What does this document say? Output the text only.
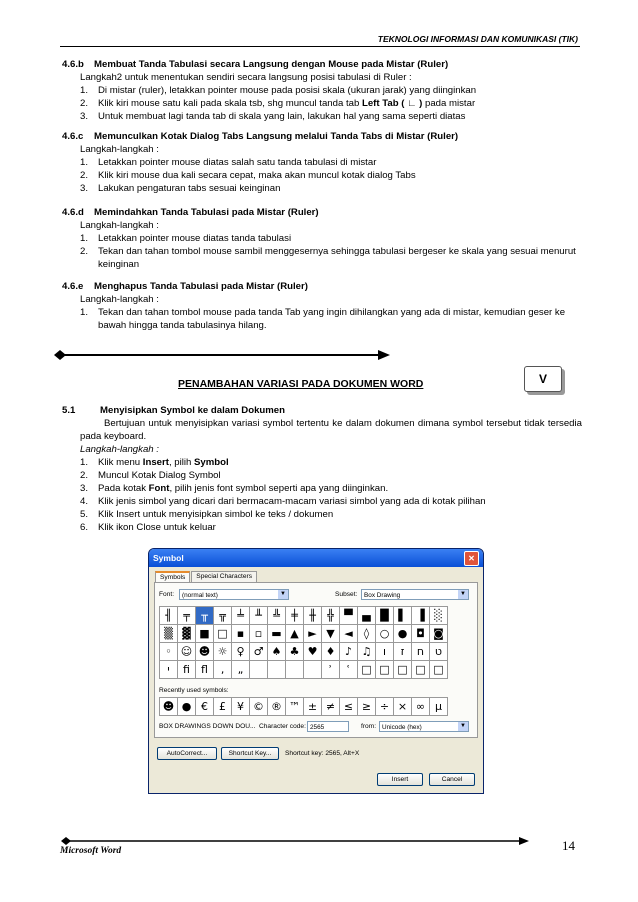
TEKNOLOGI INFORMASI DAN KOMUNIKASI (TIK)
4.6.b	Membuat Tanda Tabulasi secara Langsung dengan Mouse pada Mistar (Ruler)
Langkah2 untuk menentukan sendiri secara langsung posisi tabulasi di Ruler :
1.	Di mistar (ruler), letakkan pointer mouse pada posisi skala (ukuran jarak) yang diinginkan
2.	Klik kiri mouse satu kali pada skala tsb, shg muncul tanda tab Left Tab ( ∟ ) pada mistar
3.	Untuk membuat lagi tanda tab di skala yang lain, lakukan hal yang sama seperti diatas
4.6.c	Memunculkan Kotak Dialog Tabs Langsung melalui Tanda Tabs di Mistar (Ruler)
Langkah-langkah :
1.	Letakkan pointer mouse diatas salah satu tanda tabulasi di mistar
2.	Klik kiri mouse dua kali secara cepat, maka akan muncul kotak dialog Tabs
3.	Lakukan pengaturan tabs sesuai keinginan
4.6.d	Memindahkan Tanda Tabulasi pada Mistar (Ruler)
Langkah-langkah :
1.	Letakkan pointer mouse diatas tanda tabulasi
2.	Tekan dan tahan tombol mouse sambil menggesernya sehingga tabulasi bergeser ke skala yang sesuai menurut keinginan
4.6.e	Menghapus Tanda Tabulasi pada Mistar (Ruler)
Langkah-langkah :
1.	Tekan dan tahan tombol mouse pada tanda Tab yang ingin dihilangkan yang ada di mistar, kemudian geser ke bawah hingga tanda tabulasinya hilang.
PENAMBAHAN VARIASI PADA DOKUMEN WORD	V
5.1	Menyisipkan Symbol ke dalam Dokumen
Bertujuan untuk menyisipkan variasi symbol tertentu ke dalam dokumen dimana symbol tersebut tidak tersedia pada keyboard.
Langkah-langkah :
1.	Klik menu Insert, pilih Symbol
2.	Muncul Kotak Dialog Symbol
3.	Pada kotak Font, pilih jenis font symbol seperti apa yang diinginkan.
4.	Klik jenis simbol yang dicari dari bermacam-macam variasi simbol yang ada di kotak pilihan
5.	Klik Insert untuk menyisipkan simbol ke teks / dokumen
6.	Klik ikon Close untuk keluar
Symbol	✕
Symbols	Special Characters
Font:	(normal text)	▼	Subset:	Box Drawing	▼
╢	╤	╥	╦	╧	╨	╩	╪	╫	╬ ▀ ▄ █ ▌ ▐ ░
▒ ▓ ■ □ ▪ ▫ ▬ ▲ ► ▼ ◄	◊ ○ ● ◘ ◙
◦ ☺ ☻ ☼ ♀ ♂ ♠ ♣ ♥ ♦ ♪ ♫	ו	ז	ח ט
י	ﬁ	ﬂ	‚	„	ʾ	ʿ	□ □ □ □ □
Recently used symbols:
☻ ● €	£	¥ © ® ™ ± ≠ ≤ ≥ ÷ × ∞ µ
BOX DRAWINGS DOWN DOU... Character code: 2565	from: Unicode (hex)	▼
AutoCorrect...	Shortcut Key...	Shortcut key: 2565, Alt+X
Insert	Cancel
Microsoft Word	14
